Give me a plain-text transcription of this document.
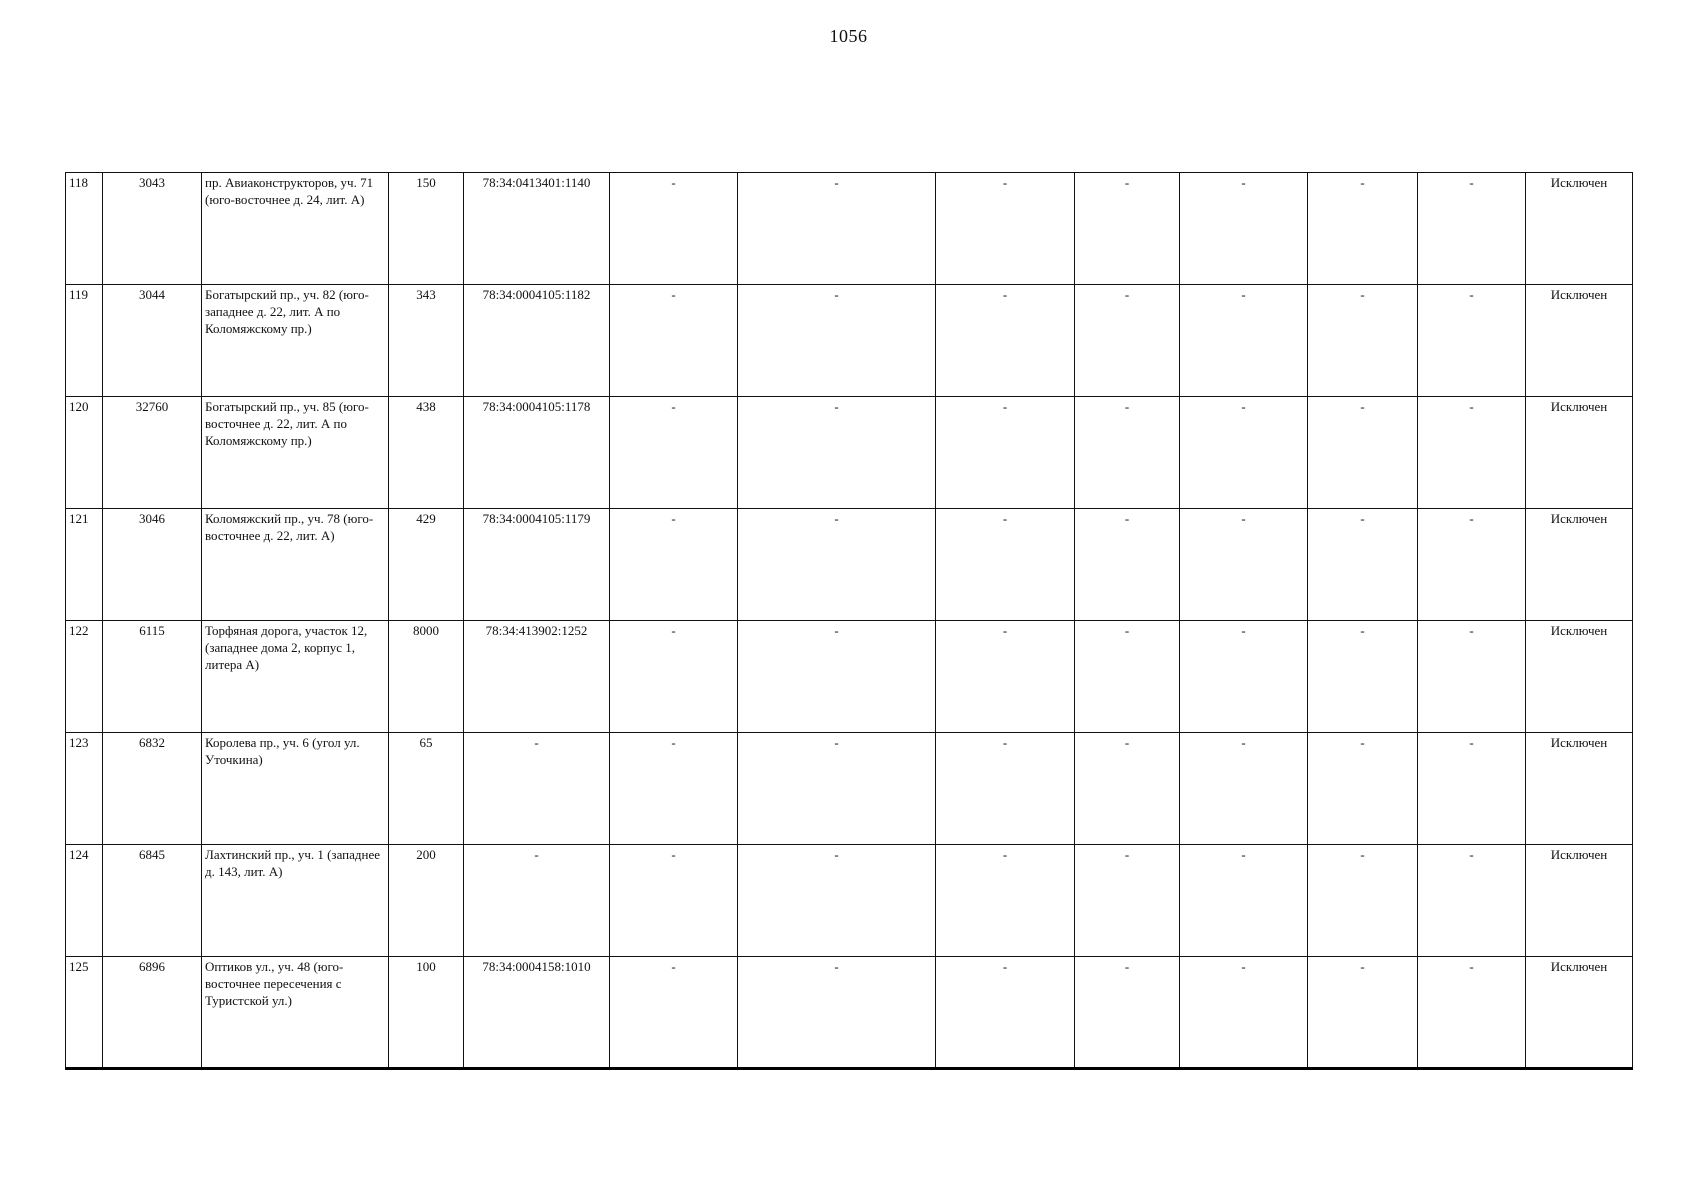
1056
118	3043	пр. Авиаконструкторов, уч. 71 (юго-восточнее д. 24, лит. А)	150	78:34:0413401:1140	-	-	-	-	-	-	-	Исключен
119	3044	Богатырский пр., уч. 82 (юго-западнее д. 22, лит. А по Коломяжскому пр.)	343	78:34:0004105:1182	-	-	-	-	-	-	-	Исключен
120	32760	Богатырский пр., уч. 85 (юго-восточнее д. 22, лит. А по Коломяжскому пр.)	438	78:34:0004105:1178	-	-	-	-	-	-	-	Исключен
121	3046	Коломяжский пр., уч. 78 (юго-восточнее д. 22, лит. А)	429	78:34:0004105:1179	-	-	-	-	-	-	-	Исключен
122	6115	Торфяная дорога, участок 12, (западнее дома 2, корпус 1, литера А)	8000	78:34:413902:1252	-	-	-	-	-	-	-	Исключен
123	6832	Королева пр., уч. 6 (угол ул. Уточкина)	65	-	-	-	-	-	-	-	-	Исключен
124	6845	Лахтинский пр., уч. 1 (западнее д. 143, лит. А)	200	-	-	-	-	-	-	-	-	Исключен
125	6896	Оптиков ул., уч. 48 (юго-восточнее пересечения с Туристской ул.)	100	78:34:0004158:1010	-	-	-	-	-	-	-	Исключен
